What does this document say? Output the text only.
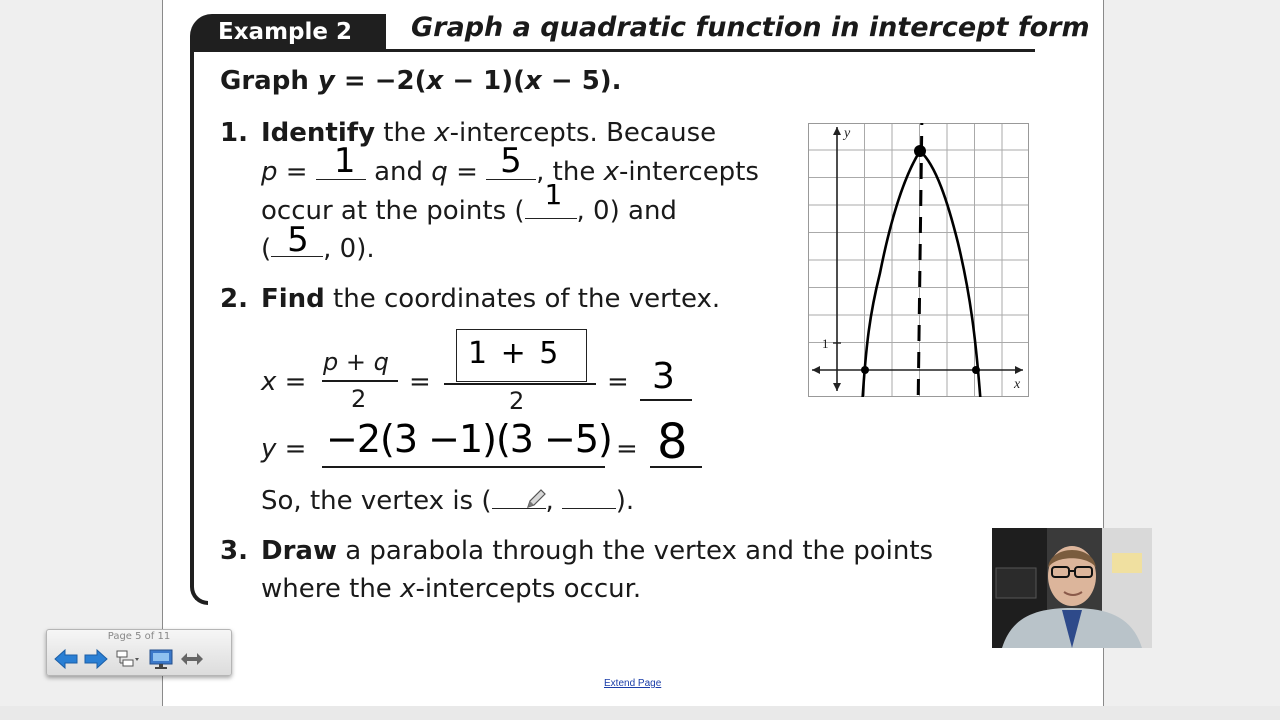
Example 2	Graph a quadratic function in intercept form
Graph y = −2(x − 1)(x − 5).
1. Identify the x-intercepts. Because
p = 1 and q = 5 , the x-intercepts
occur at the points ( 1 , 0) and
( 5 , 0).
2. Find the coordinates of the vertex.
x =
p + q
2
=
1 + 5
2
= 3
y = −2(3 −1)(3 −5) = 8
So, the vertex is ( , ).
3. Draw a parabola through the vertex and the points
where the x-intercepts occur.
y
x
1
Page 5 of 11
Extend Page
